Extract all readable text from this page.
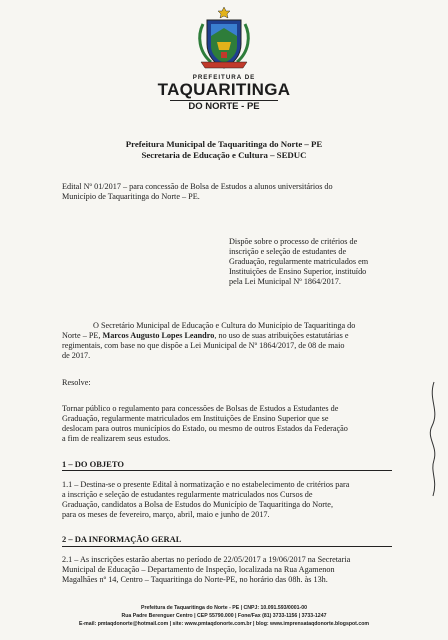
PREFEITURA DE
TAQUARITINGA
DO NORTE - PE
Prefeitura Municipal de Taquaritinga do Norte – PE
Secretaria de Educação e Cultura – SEDUC
Edital Nº 01/2017 – para concessão de Bolsa de Estudos a alunos universitários do
Município de Taquaritinga do Norte – PE.
Dispõe sobre o processo de critérios de
inscrição e seleção de estudantes de
Graduação, regularmente matriculados em
Instituições de Ensino Superior, instituído
pela Lei Municipal Nº 1864/2017.
O Secretário Municipal de Educação e Cultura do Município de Taquaritinga do
Norte – PE, Marcos Augusto Lopes Leandro, no uso de suas atribuições estatutárias e
regimentais, com base no que dispõe a Lei Municipal de Nº 1864/2017, de 08 de maio
de 2017.
Resolve:
Tornar público o regulamento para concessões de Bolsas de Estudos a Estudantes de
Graduação, regularmente matriculados em Instituições de Ensino Superior que se
deslocam para outros municípios do Estado, ou mesmo de outros Estados da Federação
a fim de realizarem seus estudos.
1 – DO OBJETO
1.1 – Destina-se o presente Edital à normatização e no estabelecimento de critérios para
a inscrição e seleção de estudantes regularmente matriculados nos Cursos de
Graduação, candidatos a Bolsa de Estudos do Município de Taquaritinga do Norte,
para os meses de fevereiro, março, abril, maio e junho de 2017.
2 – DA INFORMAÇÃO GERAL
2.1 – As inscrições estarão abertas no período de 22/05/2017 a 19/06/2017 na Secretaria
Municipal de Educação – Departamento de Inspeção, localizada na Rua Agamenon
Magalhães nº 14, Centro – Taquaritinga do Norte-PE, no horário das 08h. às 13h.
Prefeitura de Taquaritinga do Norte - PE | CNPJ: 10.091.593/0001-00
Rua Padre Berenguer Centro | CEP 55790.000 | Fone/Fax (81) 3733-1156 | 3733-1247
E-mail: pmtaqdonorte@hotmail.com | site: www.pmtaqdonorte.com.br | blog: www.imprensataqdonorte.blogspot.com
